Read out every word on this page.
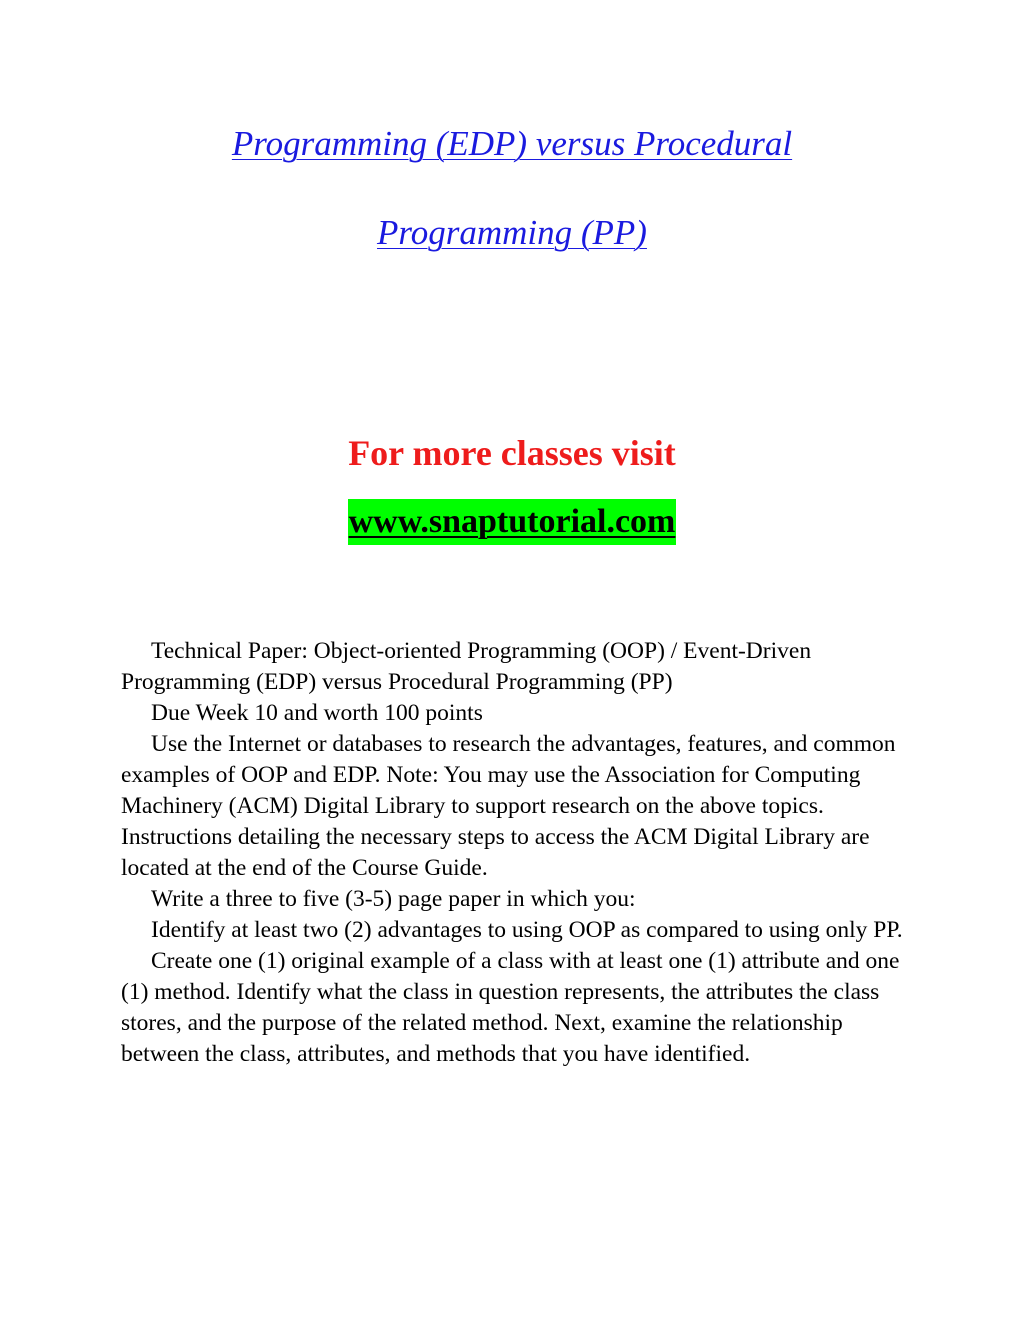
Programming (EDP) versus Procedural
Programming (PP)
For more classes visit
www.snaptutorial.com

Technical Paper: Object-oriented Programming (OOP) / Event-Driven Programming (EDP) versus Procedural Programming (PP)

Due Week 10 and worth 100 points

Use the Internet or databases to research the advantages, features, and common examples of OOP and EDP. Note: You may use the Association for Computing Machinery (ACM) Digital Library to support research on the above topics. Instructions detailing the necessary steps to access the ACM Digital Library are located at the end of the Course Guide.

Write a three to five (3-5) page paper in which you:

Identify at least two (2) advantages to using OOP as compared to using only PP.

Create one (1) original example of a class with at least one (1) attribute and one (1) method. Identify what the class in question represents, the attributes the class stores, and the purpose of the related method. Next, examine the relationship between the class, attributes, and methods that you have identified.
